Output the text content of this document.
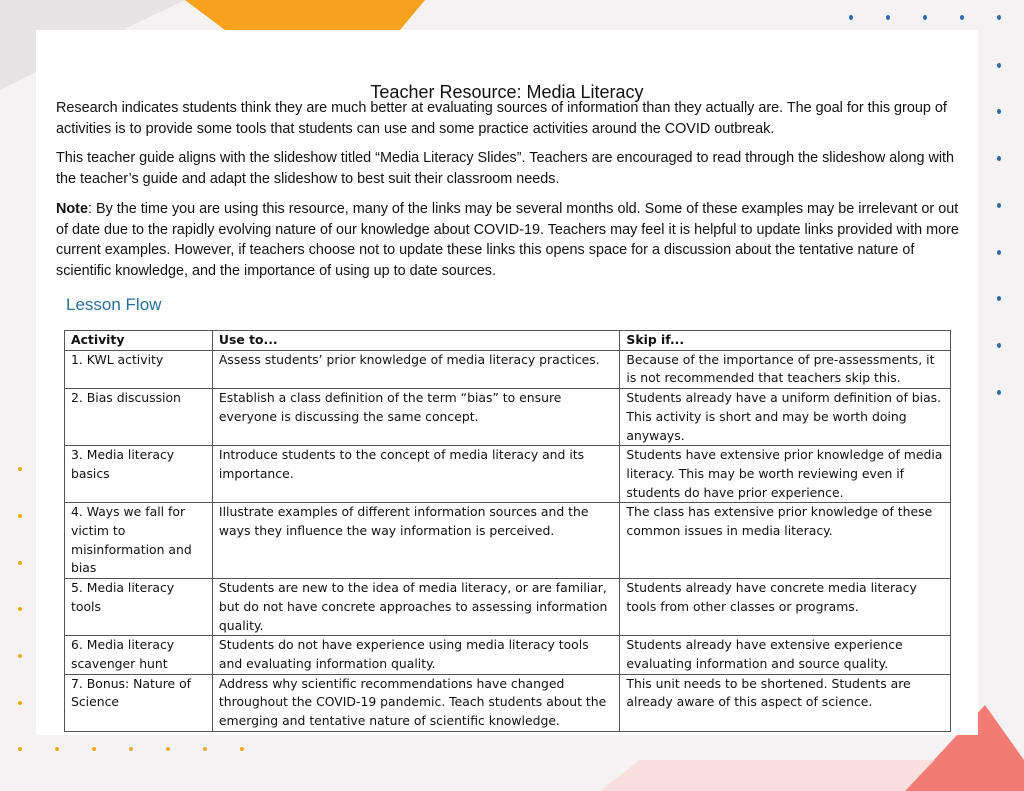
Teacher Resource: Media Literacy

Research indicates students think they are much better at evaluating sources of information than they actually are. The goal for this group of activities is to provide some tools that students can use and some practice activities around the COVID outbreak.

This teacher guide aligns with the slideshow titled “Media Literacy Slides”. Teachers are encouraged to read through the slideshow along with the teacher’s guide and adapt the slideshow to best suit their classroom needs.

Note: By the time you are using this resource, many of the links may be several months old. Some of these examples may be irrelevant or out of date due to the rapidly evolving nature of our knowledge about COVID-19. Teachers may feel it is helpful to update links provided with more current examples. However, if teachers choose not to update these links this opens space for a discussion about the tentative nature of scientific knowledge, and the importance of using up to date sources.

Lesson Flow
Activity	Use to...	Skip if...
1. KWL activity	Assess students’ prior knowledge of media literacy practices.	Because of the importance of pre-assessments, it is not recommended that teachers skip this.
2. Bias discussion	Establish a class definition of the term “bias” to ensure everyone is discussing the same concept.	Students already have a uniform definition of bias. This activity is short and may be worth doing anyways.
3. Media literacy basics	Introduce students to the concept of media literacy and its importance.	Students have extensive prior knowledge of media literacy. This may be worth reviewing even if students do have prior experience.
4. Ways we fall for victim to misinformation and bias	Illustrate examples of different information sources and the ways they influence the way information is perceived.	The class has extensive prior knowledge of these common issues in media literacy.
5. Media literacy tools	Students are new to the idea of media literacy, or are familiar, but do not have concrete approaches to assessing information quality.	Students already have concrete media literacy tools from other classes or programs.
6. Media literacy scavenger hunt	Students do not have experience using media literacy tools and evaluating information quality.	Students already have extensive experience evaluating information and source quality.
7. Bonus: Nature of Science	Address why scientific recommendations have changed throughout the COVID-19 pandemic. Teach students about the emerging and tentative nature of scientific knowledge.	This unit needs to be shortened. Students are already aware of this aspect of science.
